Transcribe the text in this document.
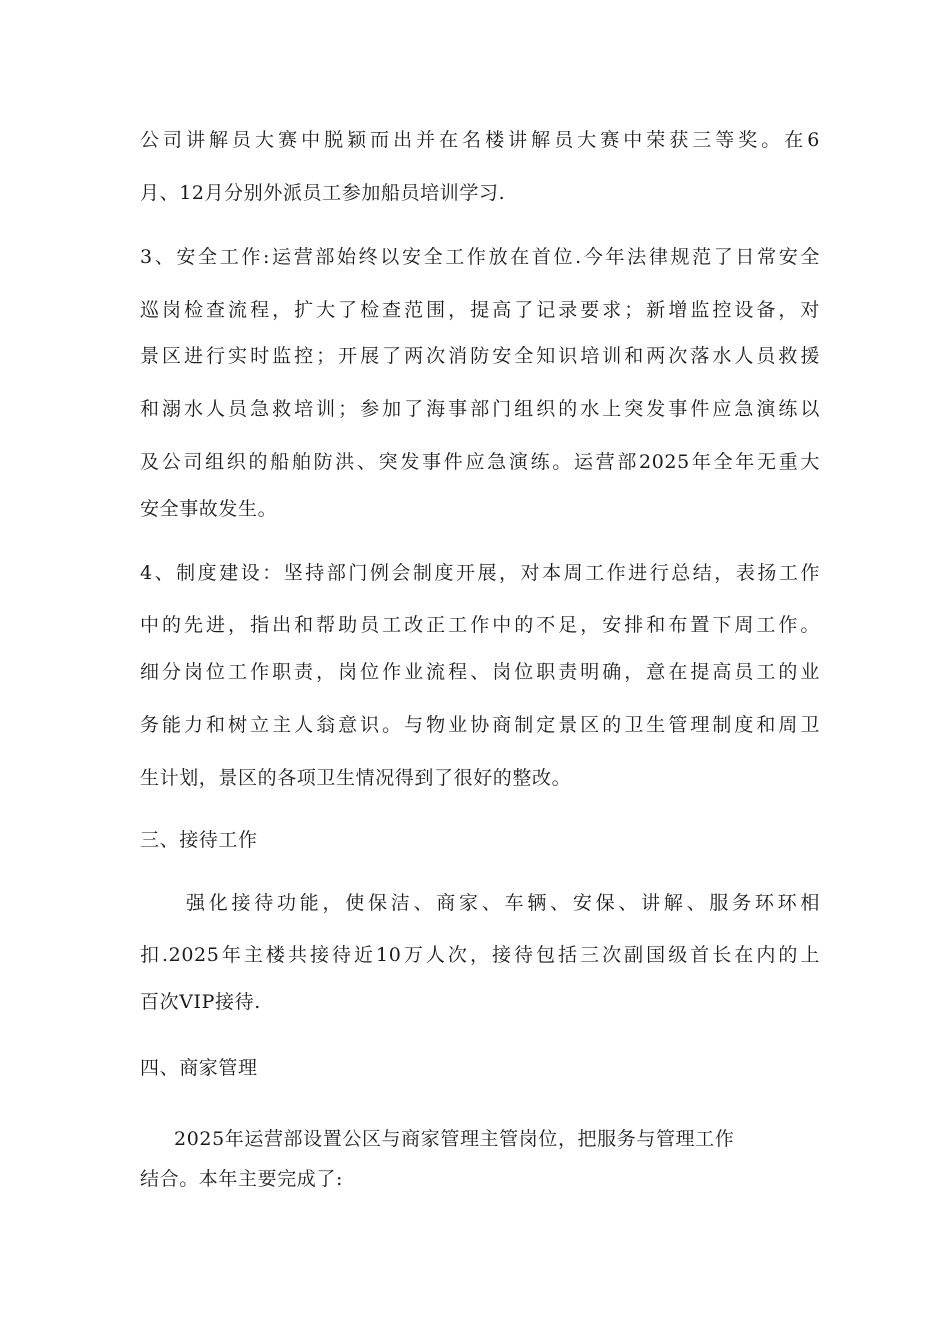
公司讲解员大赛中脱颖而出并在名楼讲解员大赛中荣获三等奖。在6
月、12月分别外派员工参加船员培训学习.
3、安全工作:运营部始终以安全工作放在首位.今年法律规范了日常安全
巡岗检查流程，扩大了检查范围，提高了记录要求；新增监控设备，对
景区进行实时监控；开展了两次消防安全知识培训和两次落水人员救援
和溺水人员急救培训；参加了海事部门组织的水上突发事件应急演练以
及公司组织的船舶防洪、突发事件应急演练。运营部2025年全年无重大
安全事故发生。
4、制度建设：坚持部门例会制度开展，对本周工作进行总结，表扬工作
中的先进，指出和帮助员工改正工作中的不足，安排和布置下周工作。
细分岗位工作职责，岗位作业流程、岗位职责明确，意在提高员工的业
务能力和树立主人翁意识。与物业协商制定景区的卫生管理制度和周卫
生计划，景区的各项卫生情况得到了很好的整改。
三、接待工作
强化接待功能，使保洁、商家、车辆、安保、讲解、服务环环相
扣.2025年主楼共接待近10万人次，接待包括三次副国级首长在内的上
百次VIP接待.
四、商家管理
2025年运营部设置公区与商家管理主管岗位，把服务与管理工作
结合。本年主要完成了:
